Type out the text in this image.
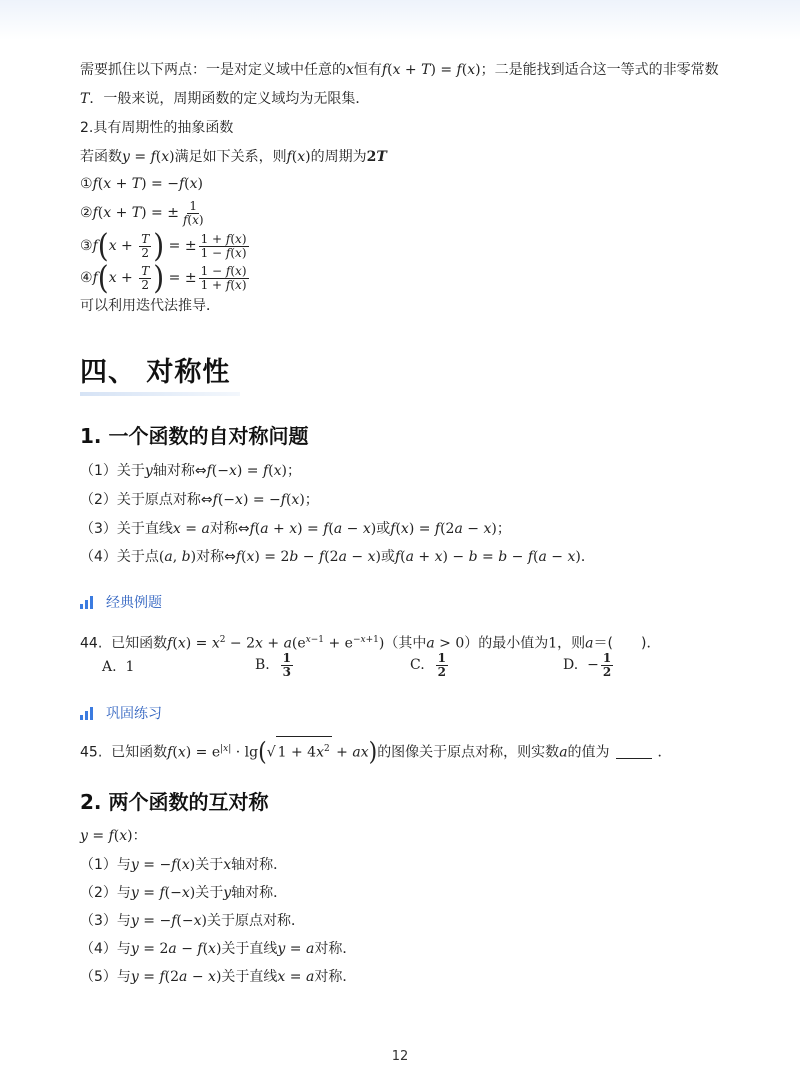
需要抓住以下两点：一是对定义域中任意的x恒有f(x + T) = f(x)；二是能找到适合这一等式的非零常数
T．一般来说，周期函数的定义域均为无限集．
2.具有周期性的抽象函数
若函数y = f(x)满足如下关系，则f(x)的周期为2T
①f(x + T) = −f(x)
②f(x + T) = ± $\frac{1}{f(x)}$
③f(x + $\frac{T}{2}$ ) = ± $\frac{1 + f(x)}{1 - f(x)}$
④f(x + $\frac{T}{2}$ ) = ± $\frac{1 - f(x)}{1 + f(x)}$
可以利用迭代法推导．
四、 对称性
1. 一个函数的自对称问题
（1）关于y轴对称⇔f(−x) = f(x)；
（2）关于原点对称⇔f(−x) = −f(x)；
（3）关于直线x = a对称⇔f(a + x) = f(a − x)或f(x) = f(2a − x)；
（4）关于点(a, b)对称⇔f(x) = 2b − f(2a − x)或f(a + x) − b = b − f(a − x)．
经典例题
44. 已知函数$f(x) = x^2 - 2x + a(e^{x-1} + e^{-x+1})$（其中a > 0）的最小值为1，则a＝(　　)．
A. 1	B. $\frac{1}{3}$	C. $\frac{1}{2}$	D. − $\frac{1}{2}$
巩固练习
45. 已知函数$f(x) = e^{|x|} \cdot \lg(√$ $1 + 4x^2 + ax$)的图像关于原点对称，则实数a的值为	．
2. 两个函数的互对称
y = f(x)：
（1）与y = −f(x)关于x轴对称．
（2）与y = f(−x)关于y轴对称．
（3）与y = −f(−x)关于原点对称．
（4）与y = 2a − f(x)关于直线y = a对称．
（5）与y = f(2a − x)关于直线x = a对称．
12
